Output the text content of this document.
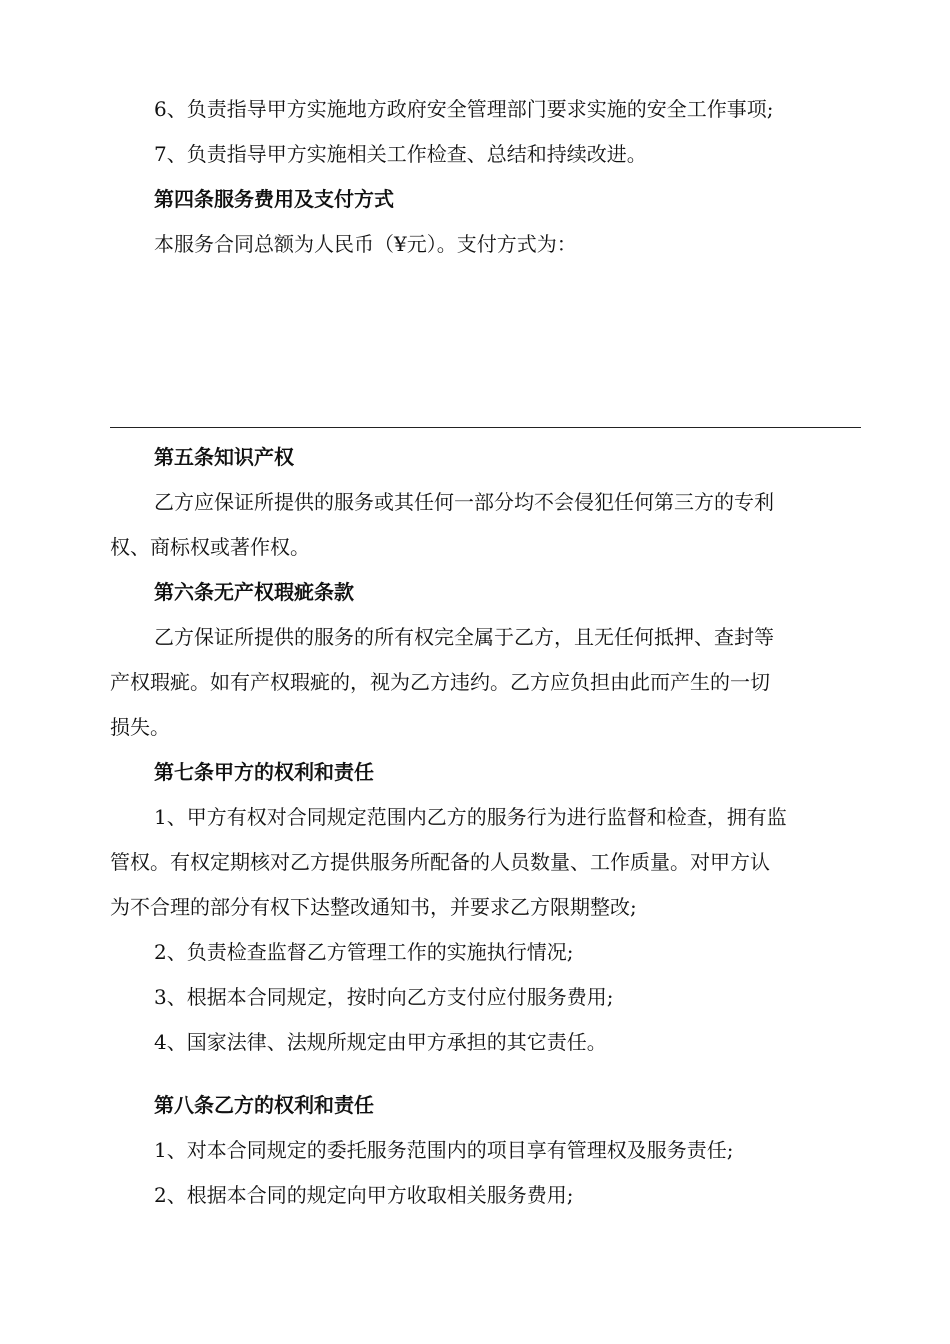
6、负责指导甲方实施地方政府安全管理部门要求实施的安全工作事项;
7、负责指导甲方实施相关工作检查、总结和持续改进。
第四条服务费用及支付方式
本服务合同总额为人民币（¥元）。支付方式为：
第五条知识产权
乙方应保证所提供的服务或其任何一部分均不会侵犯任何第三方的专利
权、商标权或著作权。
第六条无产权瑕疵条款
乙方保证所提供的服务的所有权完全属于乙方，且无任何抵押、查封等
产权瑕疵。如有产权瑕疵的，视为乙方违约。乙方应负担由此而产生的一切
损失。
第七条甲方的权利和责任
1、甲方有权对合同规定范围内乙方的服务行为进行监督和检查，拥有监
管权。有权定期核对乙方提供服务所配备的人员数量、工作质量。对甲方认
为不合理的部分有权下达整改通知书，并要求乙方限期整改;
2、负责检查监督乙方管理工作的实施执行情况;
3、根据本合同规定，按时向乙方支付应付服务费用;
4、国家法律、法规所规定由甲方承担的其它责任。
第八条乙方的权利和责任
1、对本合同规定的委托服务范围内的项目享有管理权及服务责任;
2、根据本合同的规定向甲方收取相关服务费用;
